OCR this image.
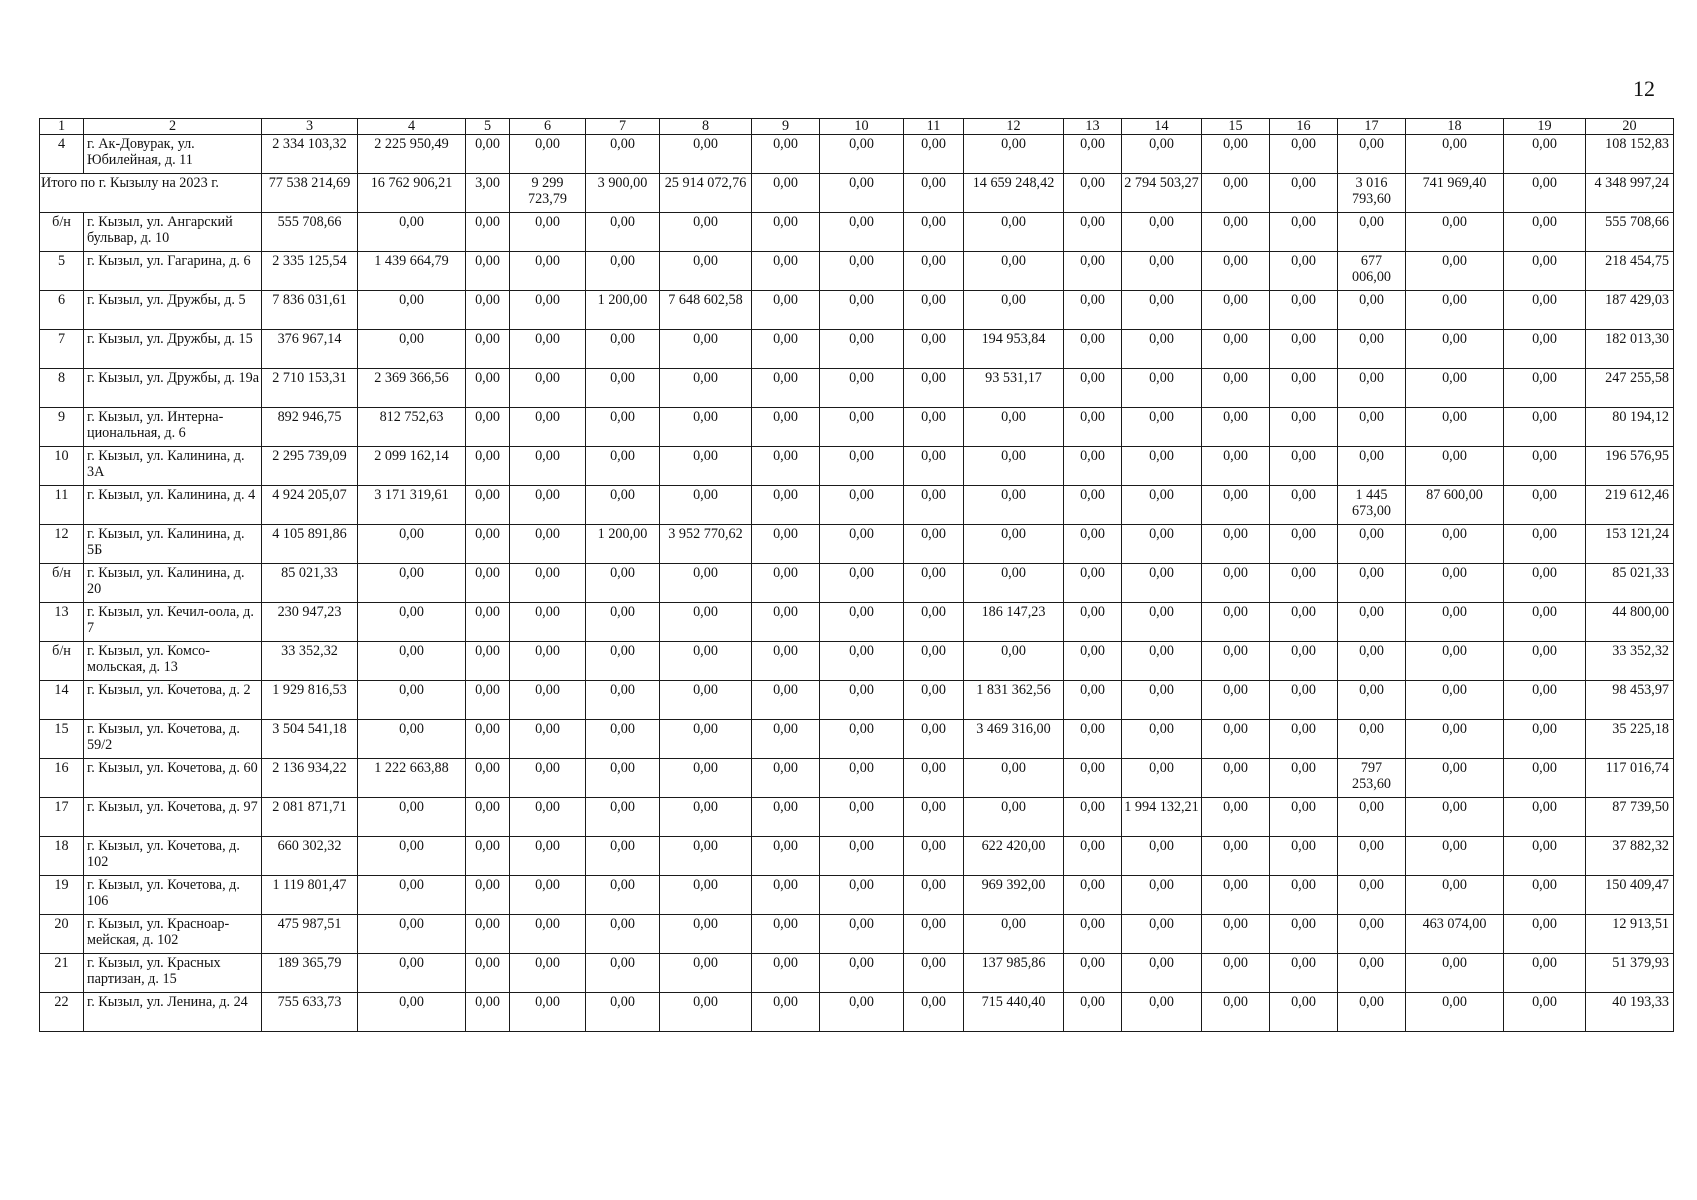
12
1	2	3	4	5	6	7	8	9	10	11	12	13	14	15	16	17	18	19	20
4	г. Ак-Довурак, ул. Юбилейная, д. 11	2 334 103,32	2 225 950,49	0,00	0,00	0,00	0,00	0,00	0,00	0,00	0,00	0,00	0,00	0,00	0,00	0,00	0,00	0,00	108 152,83
Итого по г. Кызылу на 2023 г.		77 538 214,69	16 762 906,21	3,00	9 299 723,79	3 900,00	25 914 072,76	0,00	0,00	0,00	14 659 248,42	0,00	2 794 503,27	0,00	0,00	3 016 793,60	741 969,40	0,00	4 348 997,24
б/н	г. Кызыл, ул. Ангарский бульвар, д. 10	555 708,66	0,00	0,00	0,00	0,00	0,00	0,00	0,00	0,00	0,00	0,00	0,00	0,00	0,00	0,00	0,00	0,00	555 708,66
5	г. Кызыл, ул. Гагарина, д. 6	2 335 125,54	1 439 664,79	0,00	0,00	0,00	0,00	0,00	0,00	0,00	0,00	0,00	0,00	0,00	0,00	677 006,00	0,00	0,00	218 454,75
6	г. Кызыл, ул. Дружбы, д. 5	7 836 031,61	0,00	0,00	0,00	1 200,00	7 648 602,58	0,00	0,00	0,00	0,00	0,00	0,00	0,00	0,00	0,00	0,00	0,00	187 429,03
7	г. Кызыл, ул. Дружбы, д. 15	376 967,14	0,00	0,00	0,00	0,00	0,00	0,00	0,00	0,00	194 953,84	0,00	0,00	0,00	0,00	0,00	0,00	0,00	182 013,30
8	г. Кызыл, ул. Дружбы, д. 19а	2 710 153,31	2 369 366,56	0,00	0,00	0,00	0,00	0,00	0,00	0,00	93 531,17	0,00	0,00	0,00	0,00	0,00	0,00	0,00	247 255,58
9	г. Кызыл, ул. Интерна-циональная, д. 6	892 946,75	812 752,63	0,00	0,00	0,00	0,00	0,00	0,00	0,00	0,00	0,00	0,00	0,00	0,00	0,00	0,00	0,00	80 194,12
10	г. Кызыл, ул. Калинина, д. 3А	2 295 739,09	2 099 162,14	0,00	0,00	0,00	0,00	0,00	0,00	0,00	0,00	0,00	0,00	0,00	0,00	0,00	0,00	0,00	196 576,95
11	г. Кызыл, ул. Калинина, д. 4	4 924 205,07	3 171 319,61	0,00	0,00	0,00	0,00	0,00	0,00	0,00	0,00	0,00	0,00	0,00	0,00	1 445 673,00	87 600,00	0,00	219 612,46
12	г. Кызыл, ул. Калинина, д. 5Б	4 105 891,86	0,00	0,00	0,00	1 200,00	3 952 770,62	0,00	0,00	0,00	0,00	0,00	0,00	0,00	0,00	0,00	0,00	0,00	153 121,24
б/н	г. Кызыл, ул. Калинина, д. 20	85 021,33	0,00	0,00	0,00	0,00	0,00	0,00	0,00	0,00	0,00	0,00	0,00	0,00	0,00	0,00	0,00	0,00	85 021,33
13	г. Кызыл, ул. Кечил-оола, д. 7	230 947,23	0,00	0,00	0,00	0,00	0,00	0,00	0,00	0,00	186 147,23	0,00	0,00	0,00	0,00	0,00	0,00	0,00	44 800,00
б/н	г. Кызыл, ул. Комсо-мольская, д. 13	33 352,32	0,00	0,00	0,00	0,00	0,00	0,00	0,00	0,00	0,00	0,00	0,00	0,00	0,00	0,00	0,00	0,00	33 352,32
14	г. Кызыл, ул. Кочетова, д. 2	1 929 816,53	0,00	0,00	0,00	0,00	0,00	0,00	0,00	0,00	1 831 362,56	0,00	0,00	0,00	0,00	0,00	0,00	0,00	98 453,97
15	г. Кызыл, ул. Кочетова, д. 59/2	3 504 541,18	0,00	0,00	0,00	0,00	0,00	0,00	0,00	0,00	3 469 316,00	0,00	0,00	0,00	0,00	0,00	0,00	0,00	35 225,18
16	г. Кызыл, ул. Кочетова, д. 60	2 136 934,22	1 222 663,88	0,00	0,00	0,00	0,00	0,00	0,00	0,00	0,00	0,00	0,00	0,00	0,00	797 253,60	0,00	0,00	117 016,74
17	г. Кызыл, ул. Кочетова, д. 97	2 081 871,71	0,00	0,00	0,00	0,00	0,00	0,00	0,00	0,00	0,00	0,00	1 994 132,21	0,00	0,00	0,00	0,00	0,00	87 739,50
18	г. Кызыл, ул. Кочетова, д. 102	660 302,32	0,00	0,00	0,00	0,00	0,00	0,00	0,00	0,00	622 420,00	0,00	0,00	0,00	0,00	0,00	0,00	0,00	37 882,32
19	г. Кызыл, ул. Кочетова, д. 106	1 119 801,47	0,00	0,00	0,00	0,00	0,00	0,00	0,00	0,00	969 392,00	0,00	0,00	0,00	0,00	0,00	0,00	0,00	150 409,47
20	г. Кызыл, ул. Красноар-мейская, д. 102	475 987,51	0,00	0,00	0,00	0,00	0,00	0,00	0,00	0,00	0,00	0,00	0,00	0,00	0,00	0,00	463 074,00	0,00	12 913,51
21	г. Кызыл, ул. Красных партизан, д. 15	189 365,79	0,00	0,00	0,00	0,00	0,00	0,00	0,00	0,00	137 985,86	0,00	0,00	0,00	0,00	0,00	0,00	0,00	51 379,93
22	г. Кызыл, ул. Ленина, д. 24	755 633,73	0,00	0,00	0,00	0,00	0,00	0,00	0,00	0,00	715 440,40	0,00	0,00	0,00	0,00	0,00	0,00	0,00	40 193,33
